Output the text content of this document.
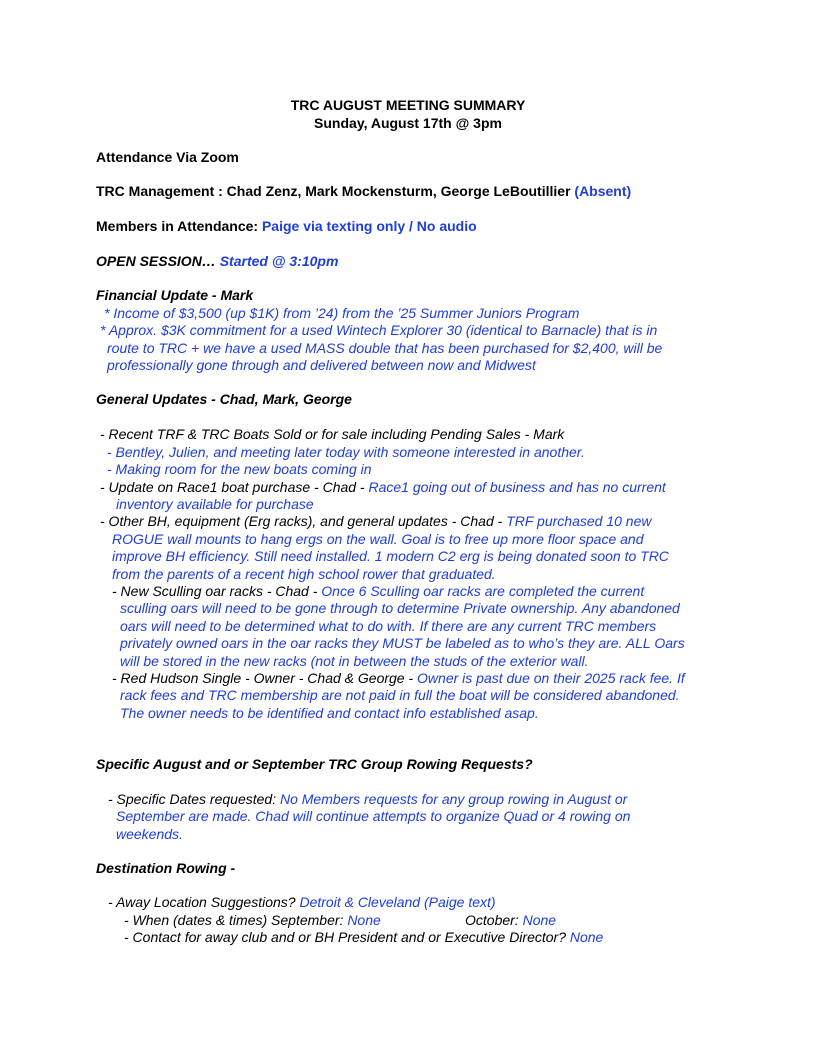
TRC AUGUST MEETING SUMMARY
Sunday, August 17th @ 3pm
Attendance Via Zoom
TRC Management : Chad Zenz, Mark Mockensturm, George LeBoutillier (Absent)
Members in Attendance: Paige via texting only / No audio
OPEN SESSION… Started @ 3:10pm
Financial Update - Mark
* Income of $3,500 (up $1K) from ’24) from the ’25 Summer Juniors Program
* Approx. $3K commitment for a used Wintech Explorer 30 (identical to Barnacle) that is in
route to TRC + we have a used MASS double that has been purchased for $2,400, will be
professionally gone through and delivered between now and Midwest
General Updates - Chad, Mark, George
- Recent TRF & TRC Boats Sold or for sale including Pending Sales - Mark
- Bentley, Julien, and meeting later today with someone interested in another.
- Making room for the new boats coming in
- Update on Race1 boat purchase - Chad - Race1 going out of business and has no current
inventory available for purchase
- Other BH, equipment (Erg racks), and general updates - Chad - TRF purchased 10 new
ROGUE wall mounts to hang ergs on the wall. Goal is to free up more floor space and
improve BH efficiency. Still need installed. 1 modern C2 erg is being donated soon to TRC
from the parents of a recent high school rower that graduated.
- New Sculling oar racks - Chad - Once 6 Sculling oar racks are completed the current
sculling oars will need to be gone through to determine Private ownership. Any abandoned
oars will need to be determined what to do with. If there are any current TRC members
privately owned oars in the oar racks they MUST be labeled as to who’s they are. ALL Oars
will be stored in the new racks (not in between the studs of the exterior wall.
- Red Hudson Single - Owner - Chad & George - Owner is past due on their 2025 rack fee. If
rack fees and TRC membership are not paid in full the boat will be considered abandoned.
The owner needs to be identified and contact info established asap.
Specific August and or September TRC Group Rowing Requests?
- Specific Dates requested: No Members requests for any group rowing in August or
September are made. Chad will continue attempts to organize Quad or 4 rowing on
weekends.
Destination Rowing -
- Away Location Suggestions? Detroit & Cleveland (Paige text)
- When (dates & times) September: None	October: None
- Contact for away club and or BH President and or Executive Director? None
